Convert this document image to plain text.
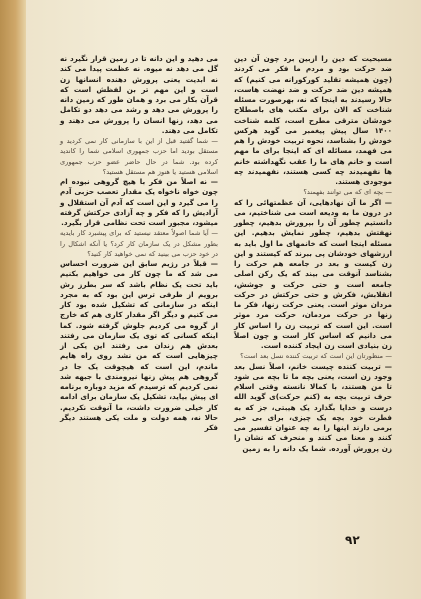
مسیحیت که دین را ازبین برد چون آن دین ضد حرکت بود و مردم ما فکر می کردند (چون همیشه تقلید کورکورانه می کنیم) که همیشه دین ضد حرکت و ضد نهضت هاست، حالا رسیدند به اینجا که نه، بهرصورت مسئله شناخت که الان برای مکتب های باصطلاح خودشان مترقی مطرح است، کلمه شناخت ۱۴۰۰ سال پیش پیغمبر می گوید هرکس خودش را بشناسد، نحوه تربیت خودش را هم می فهمد، مسائله ای که اینجا برای ما مهم است و خانم های ما را عقب نگهداشته خانم ها نفهمیدند چه کسی هستند، نفهمیدند چه موجودی هستند.

— بچه ای که می توانند بفهمند؟

— اگر ما آن نهادهایی، آن عظمتهائی را که در درون ما به ودیعه است می شناختیم، می دانستیم چطور آن را بپرورش بدهیم، چطور نهفتش بدهیم، چطور نمایش بدهیم. این مسئله اینجا است که خانمهای ما اول باید به ارزشهای خودشان پی ببرند که کیستند و این زن کیست و بعد در جامعه هم حرکت را بشناسد آنوقت می بیند که یک رکن اصلی جامعه است و حتی حرکت و جوشش، انقلابش، فکرش و حتی حرکتش در حرکت مردان موثر است. یعنی حرکت زنها، فکر ما زنها در حرکت مردمان، حرکت مرد موثر است. این است که تربیت زن را اساس کار می دانیم که اساس کار است و چون اصلاً زن بنیادی است زن ایجاد کننده است.

— منظورتان این است که تربیت کننده نسل بعد است؟

— تربیت کننده چیست خانم، اصلاً نسل بعد وجود زن است، یعنی بچه ما تا بچه می شود تا من هستند، با کمالا نانسته وقتی اسلام حرف تربیت بچه به (کنم حرکت)ی گوید الله درست و خدایا بگذارد یک هیبتی، جز که به فطرت خود بچه یک چیزی، برای بی خبر برمی دارند اینها را به چه عنوان تفسیر می کنند و معنا می کنند و منحرف که نشان را زن پرورش آورده. شما یک دانه را به زمین

می دهید و این دانه تا در زمین قرار نگیرد نه گل می دهد نه میوه. نه عظمت پیدا می کند نه ابدیت یعنی پرورش دهنده انسانها زن است و این مهم تر بن لفظش است که قرآن بکار می برد و همان طور که زمین دانه را پرورش می دهد و رشد می دهد دو تکامل می دهد، زنها انسان را پرورش می دهند و تکامل می دهند.

— شما گفتید قبل از این با سازمانی کار نمی کردید و مستقل بودید اما حزب جمهوری اسلامی شما را کاندید کرده بود. شما در حال حاضر عضو حزب جمهوری اسلامی هستید یا هنوز هم مستقل هستید؟

— نه اصلاً من فکر با هیچ گروهی نبوده ام چون خواه ناخواه یک مقدار تعصب حزبی آدم را می گیرد و این است که آدم آن استقلال و آزادیش را که فکر و چه آزادی حرکتش گرفته میشود، مجبور است تحت نظامی قرار بگیرد.

— آیا شما اصولاً معتقد نیستید که برای پیشبرد کار بایدیه بطور مشکل در یک سازمان کار کرد؟ یا آنکه اشکال را در خود حزب می بینید که نمی خواهید کار کنید؟

— قبلاً در رژیم سابق این ضرورت احساس می شد که ما چون کار می خواهیم بکنیم باید تحت یک نظام باشد که سر بطرز رش برویم از طرفی ترس این بود که به مجرد اینکه در سازمانی که تشکیل شده بود کار می کنیم و دیگر اگر مقدار کاری هم که خارج از گروه می کردیم جلوش گرفته شود. کما اینکه کسانی که توی یک سازمان می رفتند بعدش هم زندان می رفتند این یکی از چیزهایی است که من نشد روی راه هایم ماندم، این است که هیچوقت یک جا در گروهی هم پیش زنها نیرومندی با جبهه شد نمی کردیم که ترسیدم که مزید دوباره برنامه ای پیش بیاید، تشکیل یک سازمان برای ادامه کار خیلی ضرورت داشت، ما آنوقت نکردیم. حالا نه، همه دولت و ملت یکی هستند دیگر فکر

۹۲
